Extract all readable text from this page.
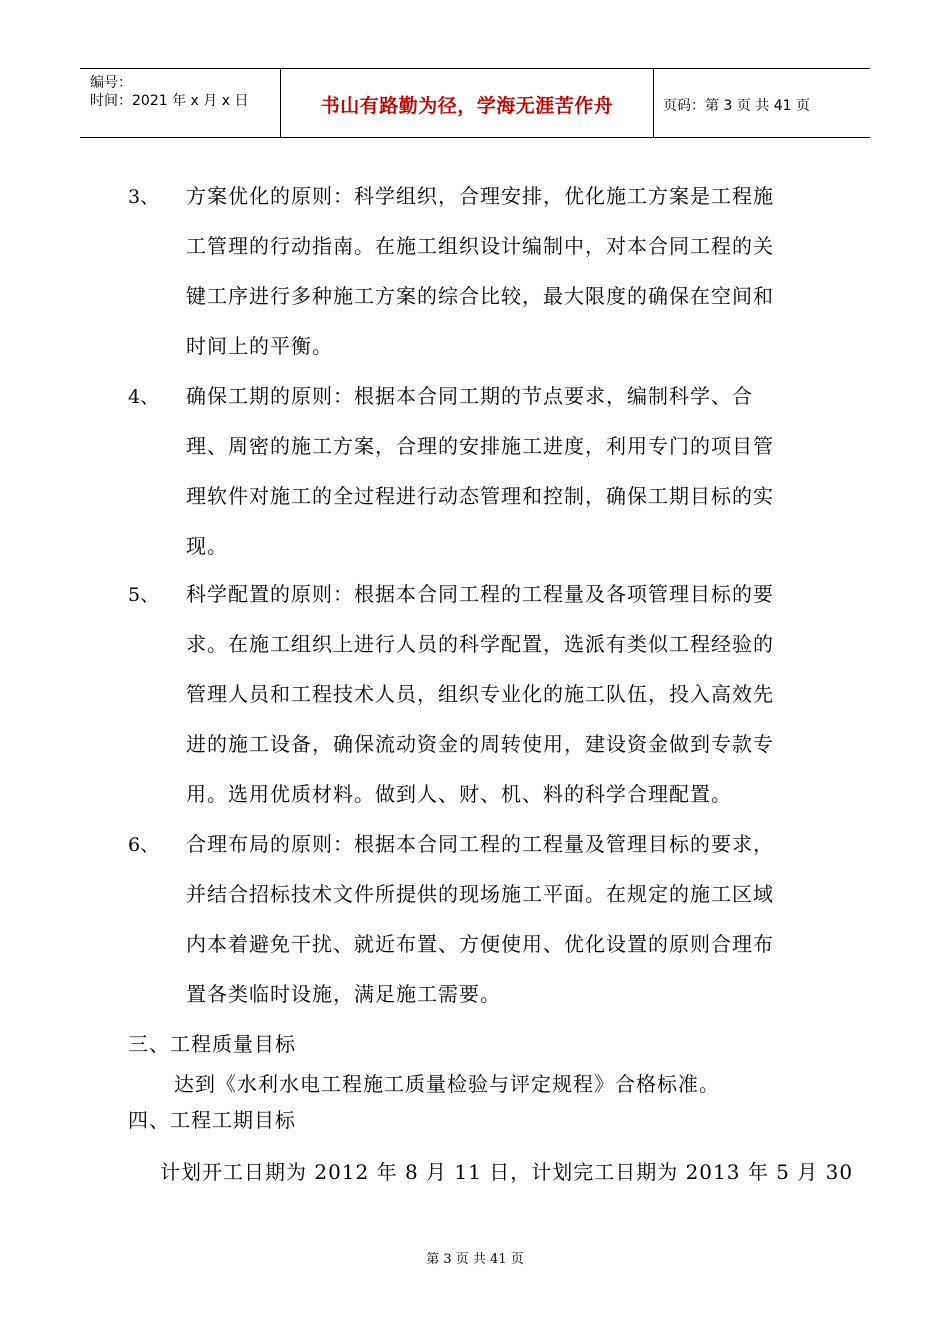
编号：
时间：2021 年 x 月 x 日	书山有路勤为径，学海无涯苦作舟	页码：第 3 页 共 41 页
3、 方案优化的原则：科学组织，合理安排，优化施工方案是工程施
工管理的行动指南。在施工组织设计编制中，对本合同工程的关
键工序进行多种施工方案的综合比较，最大限度的确保在空间和
时间上的平衡。
4、 确保工期的原则：根据本合同工期的节点要求，编制科学、合
理、周密的施工方案，合理的安排施工进度，利用专门的项目管
理软件对施工的全过程进行动态管理和控制，确保工期目标的实
现。
5、 科学配置的原则：根据本合同工程的工程量及各项管理目标的要
求。在施工组织上进行人员的科学配置，选派有类似工程经验的
管理人员和工程技术人员，组织专业化的施工队伍，投入高效先
进的施工设备，确保流动资金的周转使用，建设资金做到专款专
用。选用优质材料。做到人、财、机、料的科学合理配置。
6、 合理布局的原则：根据本合同工程的工程量及管理目标的要求，
并结合招标技术文件所提供的现场施工平面。在规定的施工区域
内本着避免干扰、就近布置、方便使用、优化设置的原则合理布
置各类临时设施，满足施工需要。
三、工程质量目标
达到《水利水电工程施工质量检验与评定规程》合格标准。
四、工程工期目标
计划开工日期为 2012 年 8 月 11 日，计划完工日期为 2013 年 5 月 30
第 3 页 共 41 页
